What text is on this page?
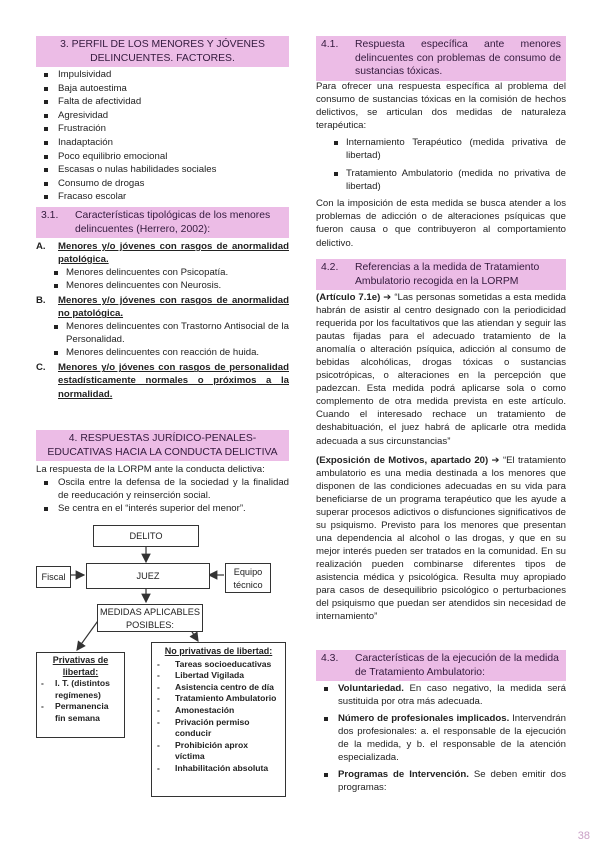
3. PERFIL DE LOS MENORES Y JÓVENES DELINCUENTES. FACTORES.
Impulsividad
Baja autoestima
Falta de afectividad
Agresividad
Frustración
Inadaptación
Poco equilibrio emocional
Escasas o nulas habilidades sociales
Consumo de drogas
Fracaso escolar
3.1.	Características tipológicas de los menores delincuentes (Herrero, 2002):
A.	Menores y/o jóvenes con rasgos de anormalidad patológica.
Menores delincuentes con Psicopatía.
Menores delincuentes con Neurosis.
B.	Menores y/o jóvenes con rasgos de anormalidad no patológica.
Menores delincuentes con Trastorno Antisocial de la Personalidad.
Menores delincuentes con reacción de huida.
C.	Menores y/o jóvenes con rasgos de personalidad estadísticamente normales o próximos a la normalidad.
4. RESPUESTAS JURÍDICO-PENALES-EDUCATIVAS HACIA LA CONDUCTA DELICTIVA

La respuesta de la LORPM ante la conducta delictiva:

Oscila entre la defensa de la sociedad y la finalidad de reeducación y reinserción social.
Se centra en el “interés superior del menor”.
DELITO
JUEZ
Fiscal	Equipo técnico
MEDIDAS APLICABLES POSIBLES:
Privativas de libertad:
-	I. T. (distintos regímenes)
-	Permanencia fin semana
No privativas de libertad:
-	Tareas socioeducativas
-	Libertad Vigilada
-	Asistencia centro de día
-	Tratamiento Ambulatorio
-	Amonestación
-	Privación permiso conducir
-	Prohibición aprox víctima
-	Inhabilitación absoluta
4.1.	Respuesta específica ante menores delincuentes con problemas de consumo de sustancias tóxicas.

Para ofrecer una respuesta específica al problema del consumo de sustancias tóxicas en la comisión de hechos delictivos, se articulan dos medidas de naturaleza terapéutica:

Internamiento Terapéutico (medida privativa de libertad)
Tratamiento Ambulatorio (medida no privativa de libertad)

Con la imposición de esta medida se busca atender a los problemas de adicción o de alteraciones psíquicas que fueron causa o que contribuyeron al comportamiento delictivo.

4.2.	Referencias a la medida de Tratamiento Ambulatorio recogida en la LORPM

(Artículo 7.1e) ➔ “Las personas sometidas a esta medida habrán de asistir al centro designado con la periodicidad requerida por los facultativos que las atiendan y seguir las pautas fijadas para el adecuado tratamiento de la anomalía o alteración psíquica, adicción al consumo de bebidas alcohólicas, drogas tóxicas o sustancias psicotrópicas, o alteraciones en la percepción que padezcan. Esta medida podrá aplicarse sola o como complemento de otra medida prevista en este artículo. Cuando el interesado rechace un tratamiento de deshabituación, el juez habrá de aplicarle otra medida adecuada a sus circunstancias”

(Exposición de Motivos, apartado 20) ➔ “El tratamiento ambulatorio es una media destinada a los menores que disponen de las condiciones adecuadas en su vida para beneficiarse de un programa terapéutico que les ayude a superar procesos adictivos o disfunciones significativos de su psiquismo. Previsto para los menores que presentan una dependencia al alcohol o las drogas, y que en su mejor interés pueden ser tratados en la comunidad. En su realización pueden combinarse diferentes tipos de asistencia médica y psicológica. Resulta muy apropiado para casos de desequilibrio psicológico o perturbaciones del psiquismo que puedan ser atendidos sin necesidad de internamiento”

4.3.	Características de la ejecución de la medida de Tratamiento Ambulatorio:
Voluntariedad. En caso negativo, la medida será sustituida por otra más adecuada.
Número de profesionales implicados. Intervendrán dos profesionales: a. el responsable de la ejecución de la medida, y b. el responsable de la atención especializada.
Programas de Intervención. Se deben emitir dos programas:
38
